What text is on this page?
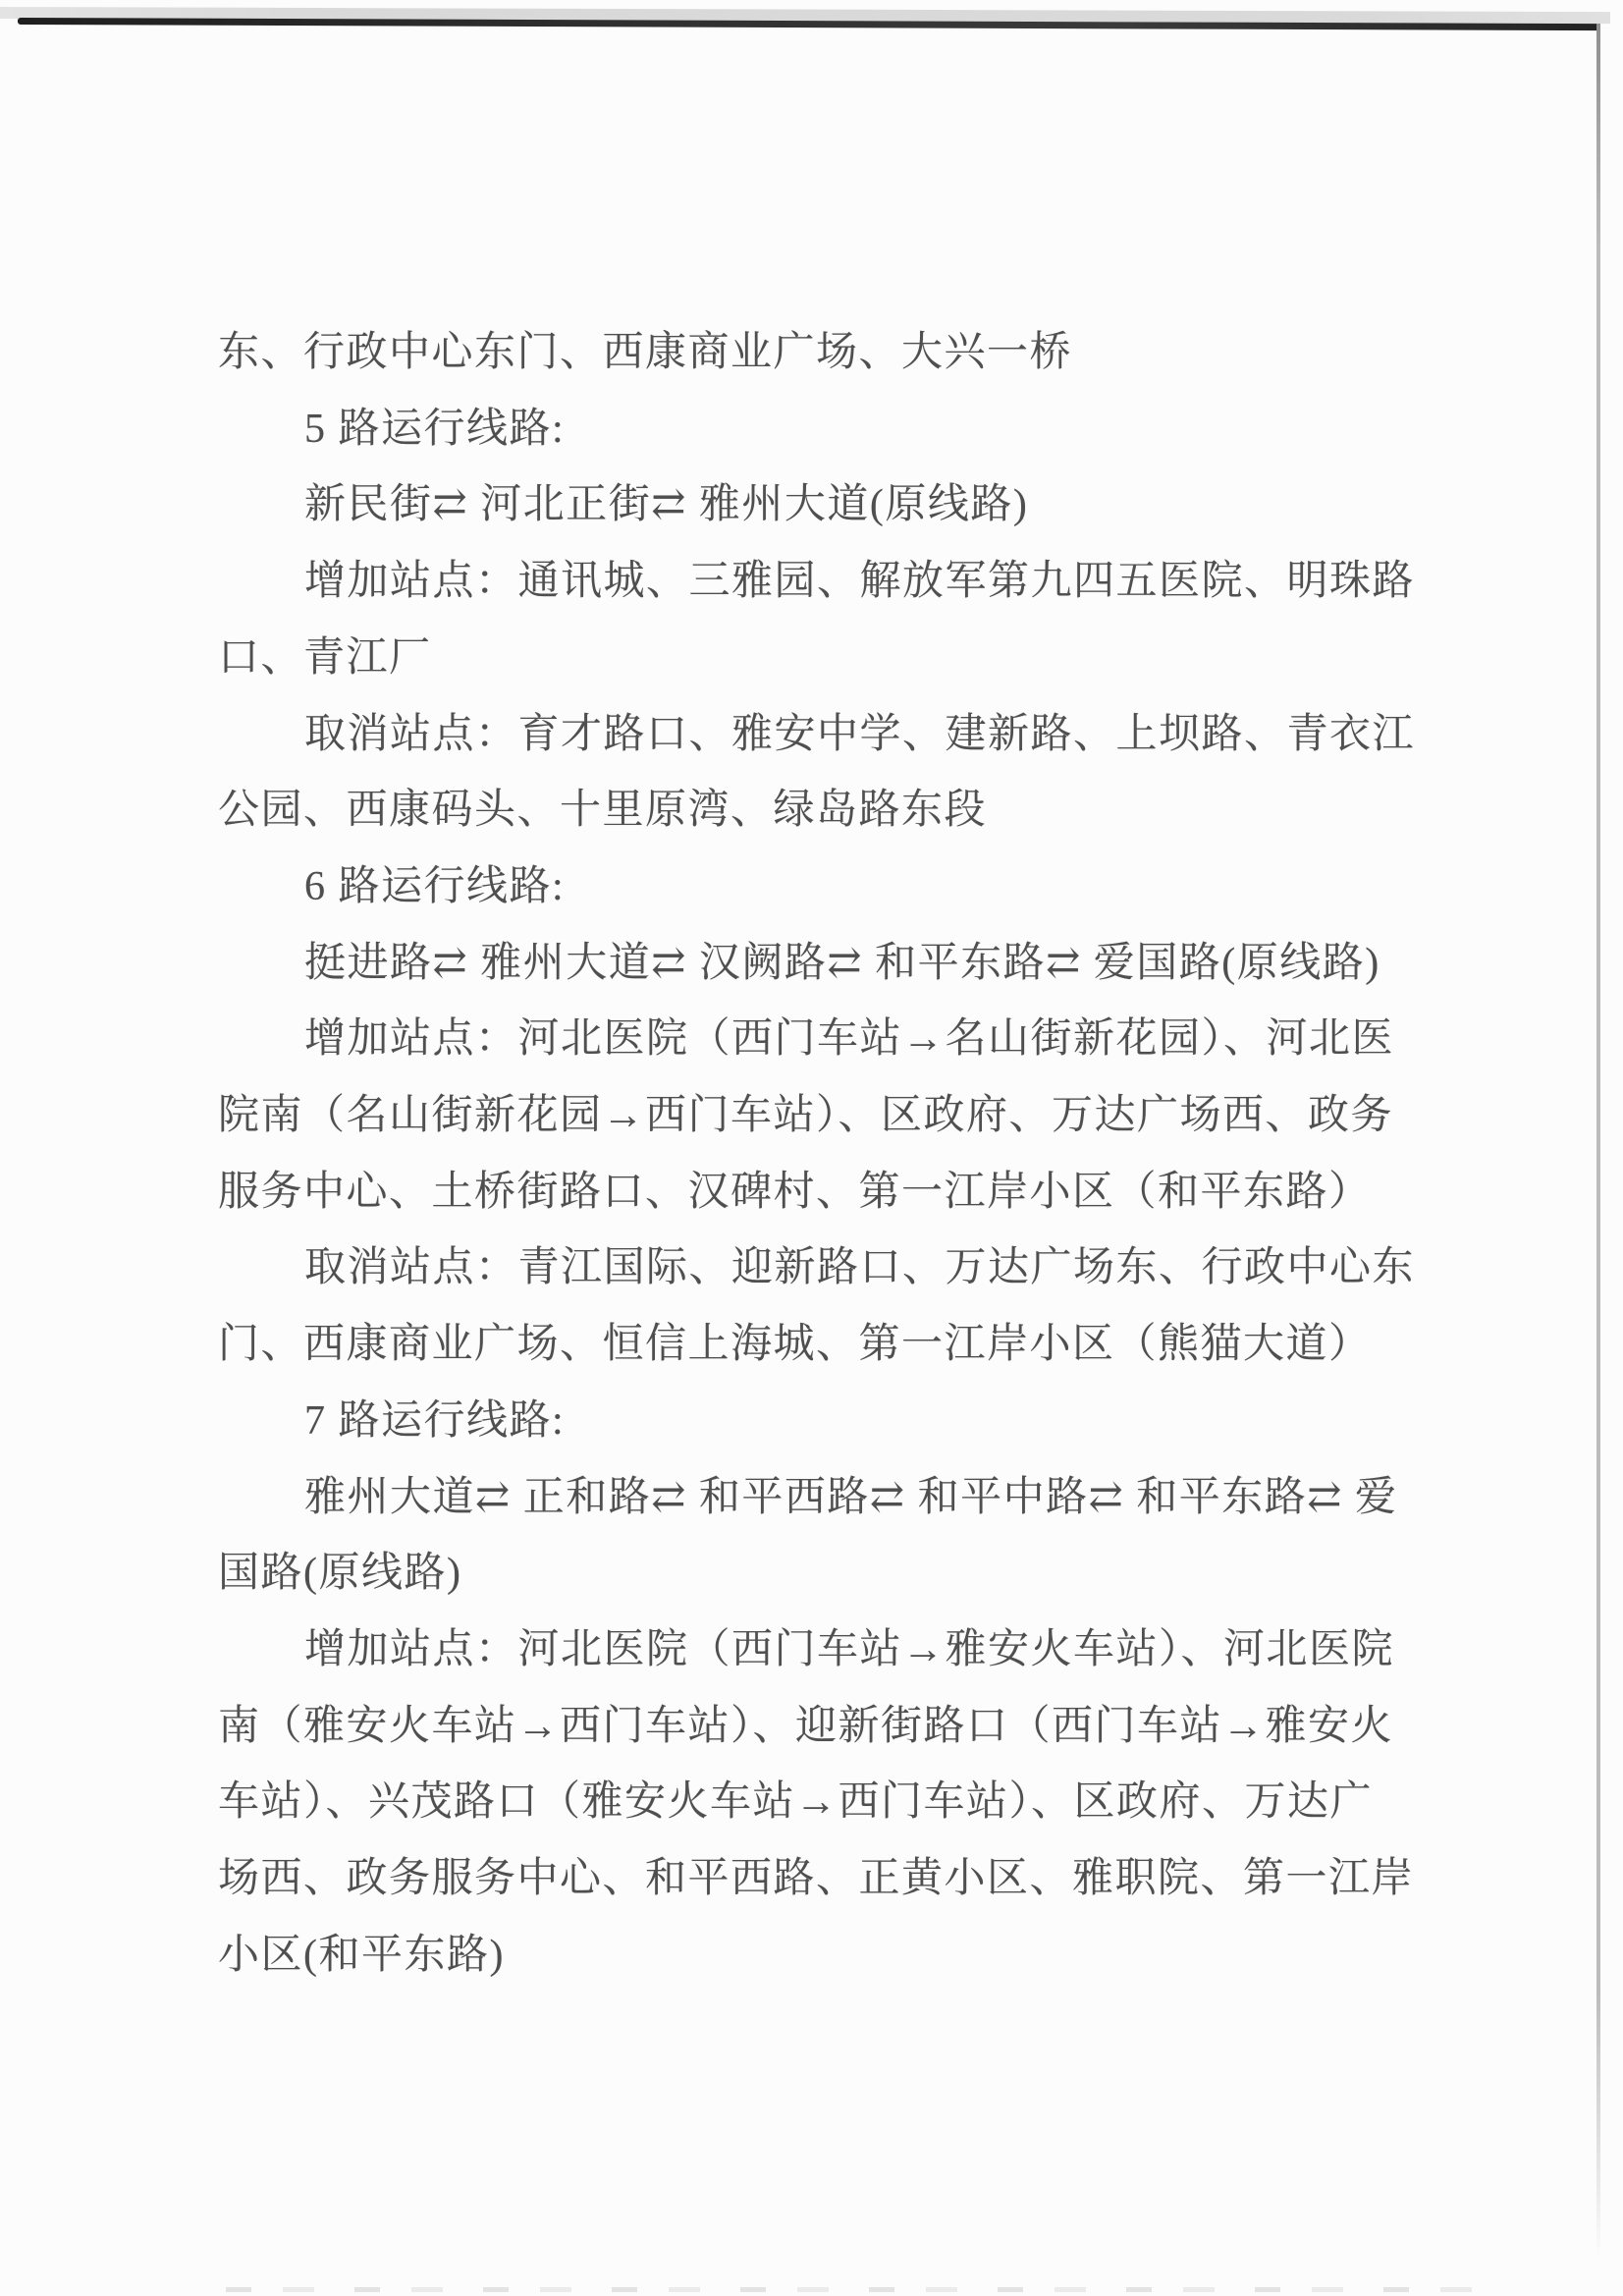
东、行政中心东门、西康商业广场、大兴一桥
5 路运行线路:
新民街⇄ 河北正街⇄ 雅州大道(原线路)
增加站点：通讯城、三雅园、解放军第九四五医院、明珠路
口、青江厂
取消站点：育才路口、雅安中学、建新路、上坝路、青衣江
公园、西康码头、十里原湾、绿岛路东段
6 路运行线路:
挺进路⇄ 雅州大道⇄ 汉阙路⇄ 和平东路⇄ 爱国路(原线路)
增加站点：河北医院（西门车站→名山街新花园）、河北医
院南（名山街新花园→西门车站）、区政府、万达广场西、政务
服务中心、土桥街路口、汉碑村、第一江岸小区（和平东路）
取消站点：青江国际、迎新路口、万达广场东、行政中心东
门、西康商业广场、恒信上海城、第一江岸小区（熊猫大道）
7 路运行线路:
雅州大道⇄ 正和路⇄ 和平西路⇄ 和平中路⇄ 和平东路⇄ 爱
国路(原线路)
增加站点：河北医院（西门车站→雅安火车站）、河北医院
南（雅安火车站→西门车站）、迎新街路口（西门车站→雅安火
车站）、兴茂路口（雅安火车站→西门车站）、区政府、万达广
场西、政务服务中心、和平西路、正黄小区、雅职院、第一江岸
小区(和平东路)
